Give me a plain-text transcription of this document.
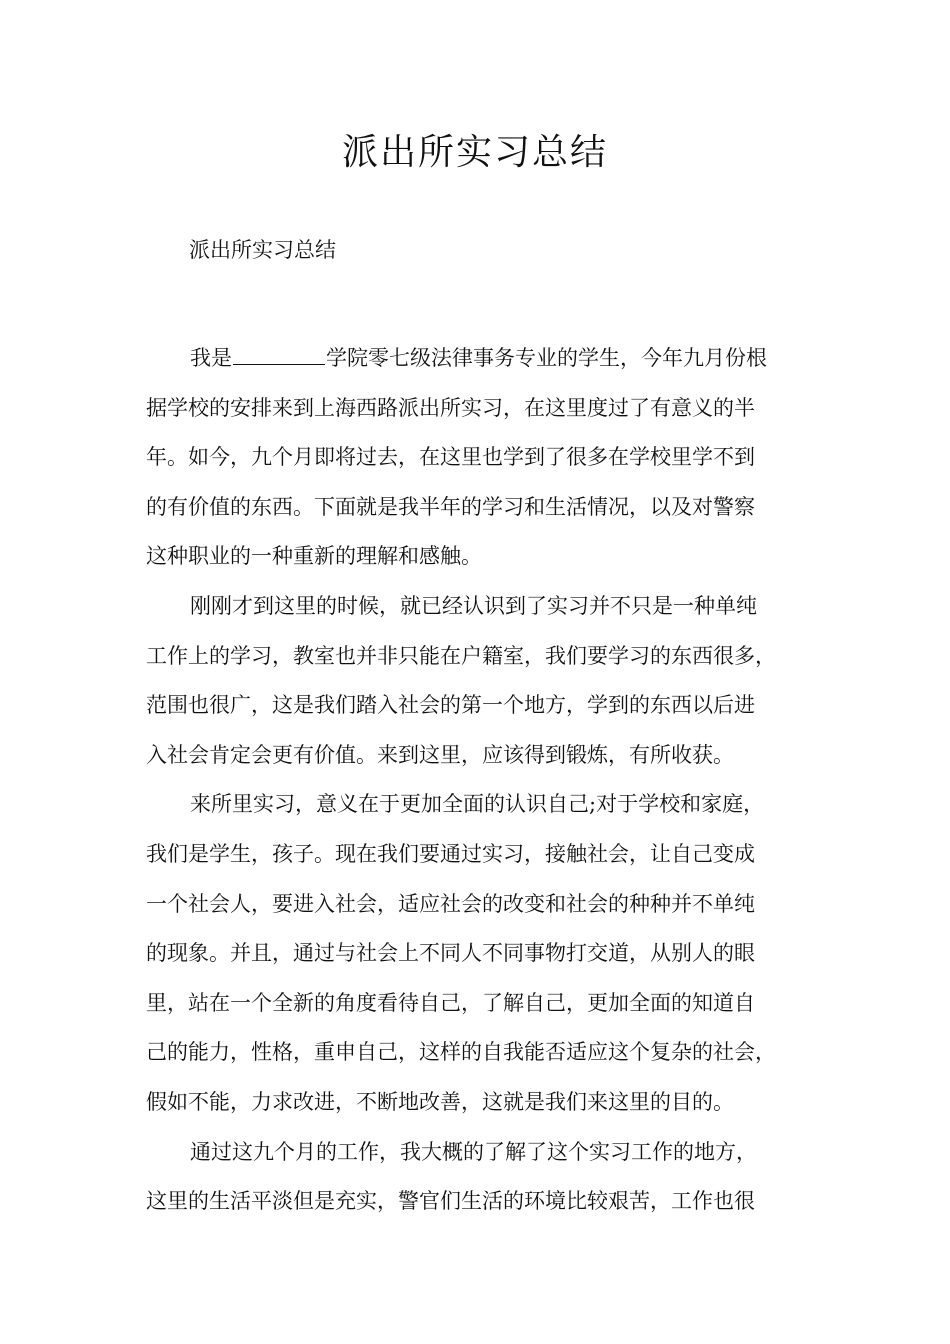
派出所实习总结

派出所实习总结

我是	学院零七级法律事务专业的学生，今年九月份根
据学校的安排来到上海西路派出所实习，在这里度过了有意义的半
年。如今，九个月即将过去，在这里也学到了很多在学校里学不到
的有价值的东西。下面就是我半年的学习和生活情况，以及对警察
这种职业的一种重新的理解和感触。
刚刚才到这里的时候，就已经认识到了实习并不只是一种单纯
工作上的学习，教室也并非只能在户籍室，我们要学习的东西很多，
范围也很广，这是我们踏入社会的第一个地方，学到的东西以后进
入社会肯定会更有价值。来到这里，应该得到锻炼，有所收获。
来所里实习，意义在于更加全面的认识自己;对于学校和家庭，
我们是学生，孩子。现在我们要通过实习，接触社会，让自己变成
一个社会人，要进入社会，适应社会的改变和社会的种种并不单纯
的现象。并且，通过与社会上不同人不同事物打交道，从别人的眼
里，站在一个全新的角度看待自己，了解自己，更加全面的知道自
己的能力，性格，重申自己，这样的自我能否适应这个复杂的社会，
假如不能，力求改进，不断地改善，这就是我们来这里的目的。
通过这九个月的工作，我大概的了解了这个实习工作的地方，
这里的生活平淡但是充实，警官们生活的环境比较艰苦，工作也很
